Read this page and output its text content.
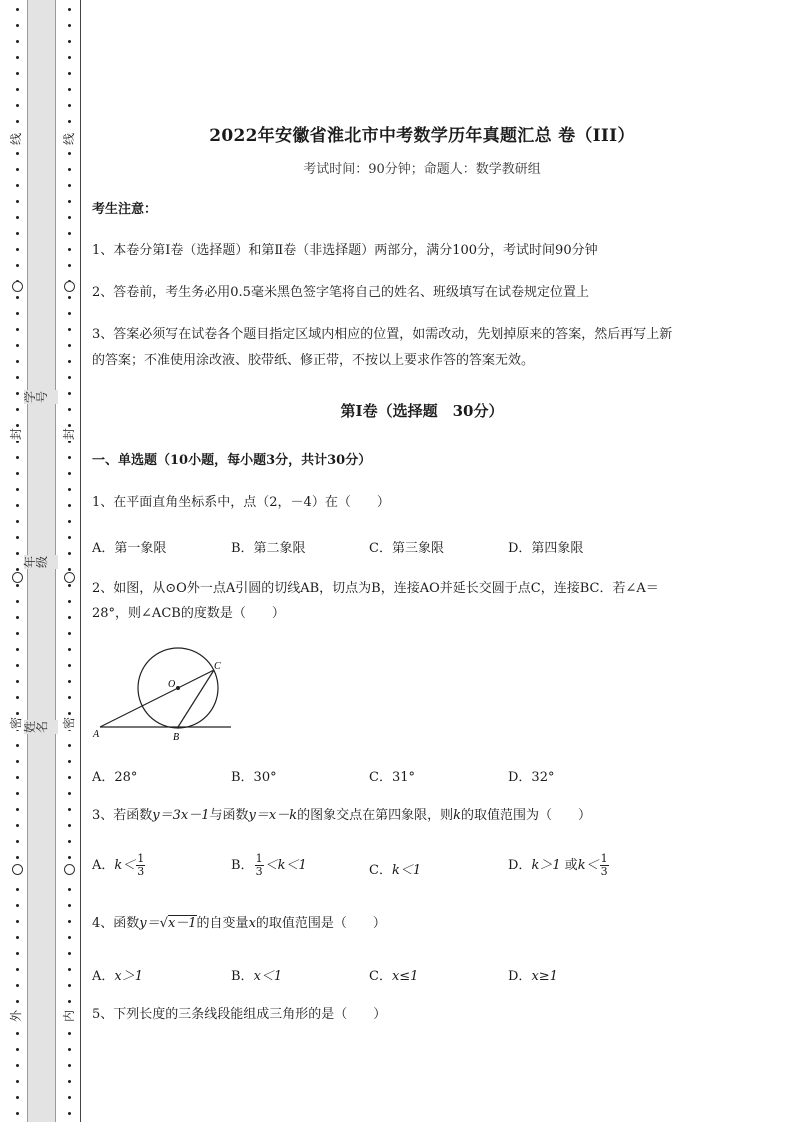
线
封
密
外
线
封
密
内
学 号
年 级
姓 名
2022年安徽省淮北市中考数学历年真题汇总 卷（III）
考试时间：90分钟；命题人：数学教研组
考生注意：
1、本卷分第I卷（选择题）和第Ⅱ卷（非选择题）两部分，满分100分，考试时间90分钟
2、答卷前，考生务必用0.5毫米黑色签字笔将自己的姓名、班级填写在试卷规定位置上
3、答案必须写在试卷各个题目指定区域内相应的位置，如需改动，先划掉原来的答案，然后再写上新
的答案；不准使用涂改液、胶带纸、修正带，不按以上要求作答的答案无效。
第I卷（选择题　30分）
一、单选题（10小题，每小题3分，共计30分）
1、在平面直角坐标系中，点（2，－4）在（　　）
A．第一象限	B．第二象限	C．第三象限	D．第四象限
2、如图，从⊙O外一点A引圆的切线AB，切点为B，连接AO并延长交圆于点C，连接BC．若∠A＝
28°，则∠ACB的度数是（　　）
O
C
A	B
A．28°	B．30°	C．31°	D．32°
3、若函数y＝3x－1与函数y＝x－k的图象交点在第四象限，则k的取值范围为（　　）
A．$k< \frac{1}{3}$	B． $\frac{1}{3} <k<1$	C．k＜1	D．k＞1 或$k< \frac{1}{3}$
4、函数y＝√x－1的自变量x的取值范围是（　　）
A．x＞1	B．x＜1	C．x≤1	D．x≥1
5、下列长度的三条线段能组成三角形的是（　　）
